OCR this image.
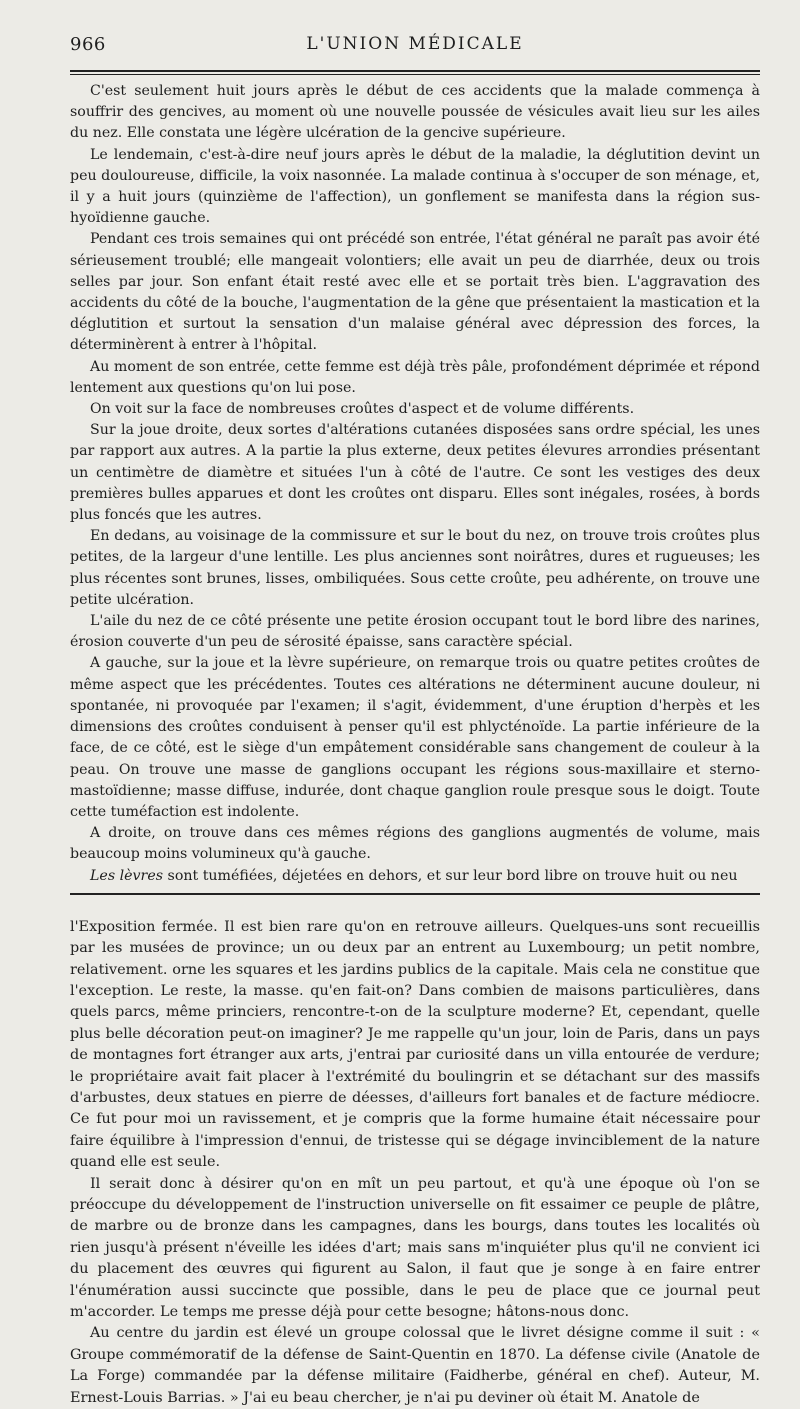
966	L'UNION MÉDICALE

C'est seulement huit jours après le début de ces accidents que la malade commença à souffrir des gencives, au moment où une nouvelle poussée de vésicules avait lieu sur les ailes du nez. Elle constata une légère ulcération de la gencive supérieure.

Le lendemain, c'est-à-dire neuf jours après le début de la maladie, la déglutition devint un peu douloureuse, difficile, la voix nasonnée. La malade continua à s'occuper de son ménage, et, il y a huit jours (quinzième de l'affection), un gonflement se manifesta dans la région sus-hyoïdienne gauche.

Pendant ces trois semaines qui ont précédé son entrée, l'état général ne paraît pas avoir été sérieusement troublé; elle mangeait volontiers; elle avait un peu de diarrhée, deux ou trois selles par jour. Son enfant était resté avec elle et se portait très bien. L'aggravation des accidents du côté de la bouche, l'augmentation de la gêne que présentaient la mastication et la déglutition et surtout la sensation d'un malaise général avec dépression des forces, la déterminèrent à entrer à l'hôpital.

Au moment de son entrée, cette femme est déjà très pâle, profondément déprimée et répond lentement aux questions qu'on lui pose.

On voit sur la face de nombreuses croûtes d'aspect et de volume différents.

Sur la joue droite, deux sortes d'altérations cutanées disposées sans ordre spécial, les unes par rapport aux autres. A la partie la plus externe, deux petites élevures arrondies présentant un centimètre de diamètre et situées l'un à côté de l'autre. Ce sont les vestiges des deux premières bulles apparues et dont les croûtes ont disparu. Elles sont inégales, rosées, à bords plus foncés que les autres.

En dedans, au voisinage de la commissure et sur le bout du nez, on trouve trois croûtes plus petites, de la largeur d'une lentille. Les plus anciennes sont noirâtres, dures et rugueuses; les plus récentes sont brunes, lisses, ombiliquées. Sous cette croûte, peu adhérente, on trouve une petite ulcération.

L'aile du nez de ce côté présente une petite érosion occupant tout le bord libre des narines, érosion couverte d'un peu de sérosité épaisse, sans caractère spécial.

A gauche, sur la joue et la lèvre supérieure, on remarque trois ou quatre petites croûtes de même aspect que les précédentes. Toutes ces altérations ne déterminent aucune douleur, ni spontanée, ni provoquée par l'examen; il s'agit, évidemment, d'une éruption d'herpès et les dimensions des croûtes conduisent à penser qu'il est phlycténoïde. La partie inférieure de la face, de ce côté, est le siège d'un empâtement considérable sans changement de couleur à la peau. On trouve une masse de ganglions occupant les régions sous-maxillaire et sterno-mastoïdienne; masse diffuse, indurée, dont chaque ganglion roule presque sous le doigt. Toute cette tuméfaction est indolente.

A droite, on trouve dans ces mêmes régions des ganglions augmentés de volume, mais beaucoup moins volumineux qu'à gauche.

Les lèvres sont tuméfiées, déjetées en dehors, et sur leur bord libre on trouve huit ou neu

l'Exposition fermée. Il est bien rare qu'on en retrouve ailleurs. Quelques-uns sont recueillis par les musées de province; un ou deux par an entrent au Luxembourg; un petit nombre, relativement. orne les squares et les jardins publics de la capitale. Mais cela ne constitue que l'exception. Le reste, la masse. qu'en fait-on? Dans combien de maisons particulières, dans quels parcs, même princiers, rencontre-t-on de la sculpture moderne? Et, cependant, quelle plus belle décoration peut-on imaginer? Je me rappelle qu'un jour, loin de Paris, dans un pays de montagnes fort étranger aux arts, j'entrai par curiosité dans un villa entourée de verdure; le propriétaire avait fait placer à l'extrémité du boulingrin et se détachant sur des massifs d'arbustes, deux statues en pierre de déesses, d'ailleurs fort banales et de facture médiocre. Ce fut pour moi un ravissement, et je compris que la forme humaine était nécessaire pour faire équilibre à l'impression d'ennui, de tristesse qui se dégage invinciblement de la nature quand elle est seule.

Il serait donc à désirer qu'on en mît un peu partout, et qu'à une époque où l'on se préoccupe du développement de l'instruction universelle on fit essaimer ce peuple de plâtre, de marbre ou de bronze dans les campagnes, dans les bourgs, dans toutes les localités où rien jusqu'à présent n'éveille les idées d'art; mais sans m'inquiéter plus qu'il ne convient ici du placement des œuvres qui figurent au Salon, il faut que je songe à en faire entrer l'énumération aussi succincte que possible, dans le peu de place que ce journal peut m'accorder. Le temps me presse déjà pour cette besogne; hâtons-nous donc.

Au centre du jardin est élevé un groupe colossal que le livret désigne comme il suit : « Groupe commémoratif de la défense de Saint-Quentin en 1870. La défense civile (Anatole de La Forge) commandée par la défense militaire (Faidherbe, général en chef). Auteur, M. Ernest-Louis Barrias. » J'ai eu beau chercher, je n'ai pu deviner où était M. Anatole de
